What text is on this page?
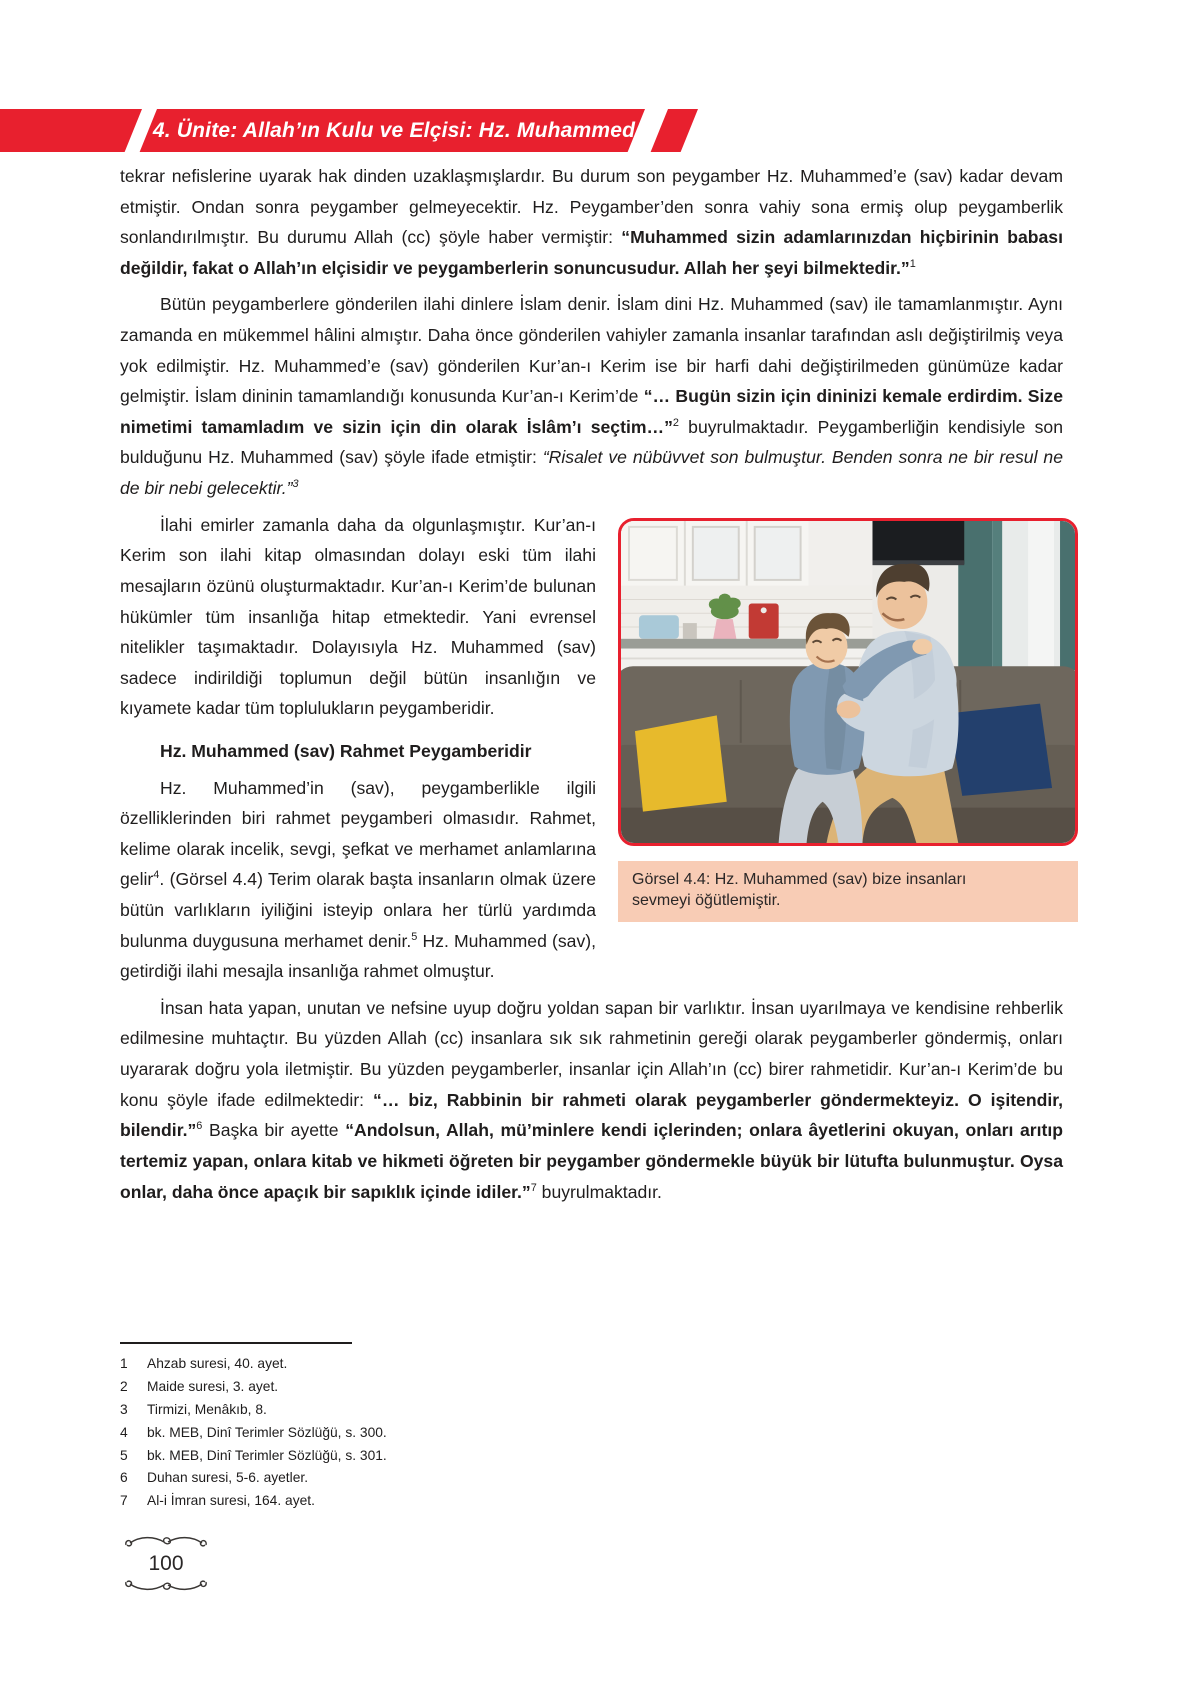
4. Ünite: Allah’ın Kulu ve Elçisi: Hz. Muhammed

tekrar nefislerine uyarak hak dinden uzaklaşmışlardır. Bu durum son peygamber Hz. Muhammed’e (sav) kadar devam etmiştir. Ondan sonra peygamber gelmeyecektir. Hz. Peygamber’den sonra vahiy sona ermiş olup peygamberlik sonlandırılmıştır. Bu durumu Allah (cc) şöyle haber vermiştir: “Muhammed sizin adamlarınızdan hiçbirinin babası değildir, fakat o Allah’ın elçisidir ve peygamberlerin sonuncusudur. Allah her şeyi bilmektedir.”$^1$

Bütün peygamberlere gönderilen ilahi dinlere İslam denir. İslam dini Hz. Muhammed (sav) ile tamamlanmıştır. Aynı zamanda en mükemmel hâlini almıştır. Daha önce gönderilen vahiyler zamanla insanlar tarafından aslı değiştirilmiş veya yok edilmiştir. Hz. Muhammed’e (sav) gönderilen Kur’an-ı Kerim ise bir harfi dahi değiştirilmeden günümüze kadar gelmiştir. İslam dininin tamamlandığı konusunda Kur’an-ı Kerim’de “… Bugün sizin için dininizi kemale erdirdim. Size nimetimi tamamladım ve sizin için din olarak İslâm’ı seçtim…”$^2$ buyrulmaktadır. Peygamberliğin kendisiyle son bulduğunu Hz. Muhammed (sav) şöyle ifade etmiştir: “Risalet ve nübüvvet son bulmuştur. Benden sonra ne bir resul ne de bir nebi gelecektir.”$^3$

Görsel 4.4: Hz. Muhammed (sav) bize insanları sevmeyi öğütlemiştir.

İlahi emirler zamanla daha da olgunlaşmıştır. Kur’an-ı Kerim son ilahi kitap olmasından dolayı eski tüm ilahi mesajların özünü oluşturmaktadır. Kur’an-ı Kerim’de bulunan hükümler tüm insanlığa hitap etmektedir. Yani evrensel nitelikler taşımaktadır. Dolayısıyla Hz. Muhammed (sav) sadece indirildiği toplumun değil bütün insanlığın ve kıyamete kadar tüm toplulukların peygamberidir.

Hz. Muhammed (sav) Rahmet Peygamberidir

Hz. Muhammed’in (sav), peygamberlikle ilgili özelliklerinden biri rahmet peygamberi olmasıdır. Rahmet, kelime olarak incelik, sevgi, şefkat ve merhamet anlamlarına gelir$^4$. (Görsel 4.4) Terim olarak başta insanların olmak üzere bütün varlıkların iyiliğini isteyip onlara her türlü yardımda bulunma duygusuna merhamet denir.$^5$ Hz. Muhammed (sav), getirdiği ilahi mesajla insanlığa rahmet olmuştur.

İnsan hata yapan, unutan ve nefsine uyup doğru yoldan sapan bir varlıktır. İnsan uyarılmaya ve kendisine rehberlik edilmesine muhtaçtır. Bu yüzden Allah (cc) insanlara sık sık rahmetinin gereği olarak peygamberler göndermiş, onları uyararak doğru yola iletmiştir. Bu yüzden peygamberler, insanlar için Allah’ın (cc) birer rahmetidir. Kur’an-ı Kerim’de bu konu şöyle ifade edilmektedir: “… biz, Rabbinin bir rahmeti olarak peygamberler göndermekteyiz. O işitendir, bilendir.”$^6$ Başka bir ayette “Andolsun, Allah, mü’minlere kendi içlerinden; onlara âyetlerini okuyan, onları arıtıp tertemiz yapan, onlara kitab ve hikmeti öğreten bir peygamber göndermekle büyük bir lütufta bulunmuştur. Oysa onlar, daha önce apaçık bir sapıklık içinde idiler.”$^7$ buyrulmaktadır.

1	Ahzab suresi, 40. ayet.
2	Maide suresi, 3. ayet.
3	Tirmizi, Menâkıb, 8.
4	bk. MEB, Dinî Terimler Sözlüğü, s. 300.
5	bk. MEB, Dinî Terimler Sözlüğü, s. 301.
6	Duhan suresi, 5-6. ayetler.
7	Al-i İmran suresi, 164. ayet.
100
